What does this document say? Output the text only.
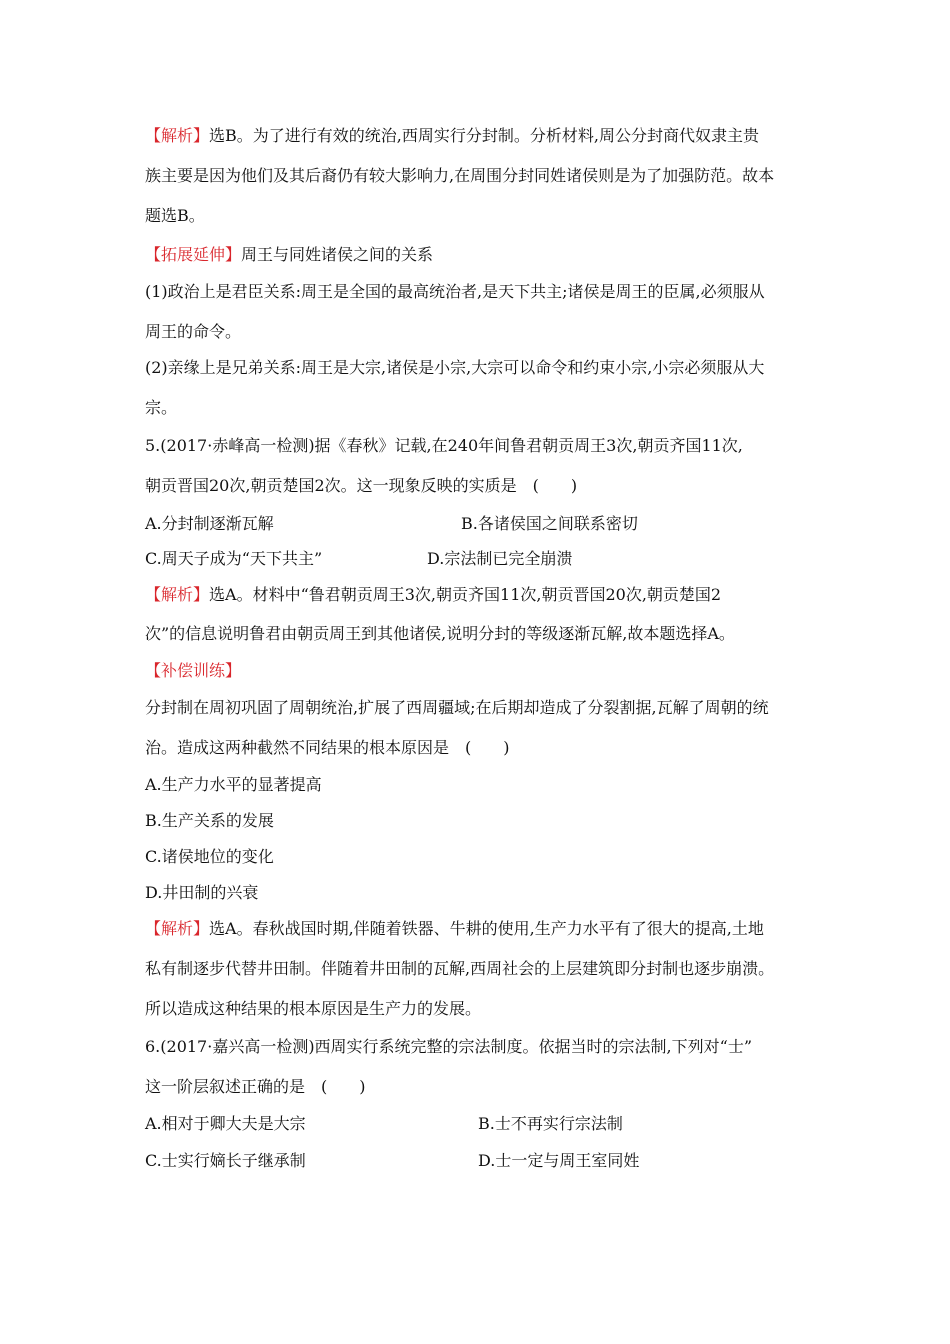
【解析】选B。为了进行有效的统治,西周实行分封制。分析材料,周公分封商代奴隶主贵
族主要是因为他们及其后裔仍有较大影响力,在周围分封同姓诸侯则是为了加强防范。故本
题选B。
【拓展延伸】周王与同姓诸侯之间的关系
(1)政治上是君臣关系:周王是全国的最高统治者,是天下共主;诸侯是周王的臣属,必须服从
周王的命令。
(2)亲缘上是兄弟关系:周王是大宗,诸侯是小宗,大宗可以命令和约束小宗,小宗必须服从大
宗。
5.(2017·赤峰高一检测)据《春秋》记载,在240年间鲁君朝贡周王3次,朝贡齐国11次,
朝贡晋国20次,朝贡楚国2次。这一现象反映的实质是　(　　)
A.分封制逐渐瓦解	B.各诸侯国之间联系密切
C.周天子成为“天下共主”	D.宗法制已完全崩溃
【解析】选A。材料中“鲁君朝贡周王3次,朝贡齐国11次,朝贡晋国20次,朝贡楚国2
次”的信息说明鲁君由朝贡周王到其他诸侯,说明分封的等级逐渐瓦解,故本题选择A。
【补偿训练】
分封制在周初巩固了周朝统治,扩展了西周疆域;在后期却造成了分裂割据,瓦解了周朝的统
治。造成这两种截然不同结果的根本原因是　(　　)
A.生产力水平的显著提高
B.生产关系的发展
C.诸侯地位的变化
D.井田制的兴衰
【解析】选A。春秋战国时期,伴随着铁器、牛耕的使用,生产力水平有了很大的提高,土地
私有制逐步代替井田制。伴随着井田制的瓦解,西周社会的上层建筑即分封制也逐步崩溃。
所以造成这种结果的根本原因是生产力的发展。
6.(2017·嘉兴高一检测)西周实行系统完整的宗法制度。依据当时的宗法制,下列对“士”
这一阶层叙述正确的是　(　　)
A.相对于卿大夫是大宗	B.士不再实行宗法制
C.士实行嫡长子继承制	D.士一定与周王室同姓
